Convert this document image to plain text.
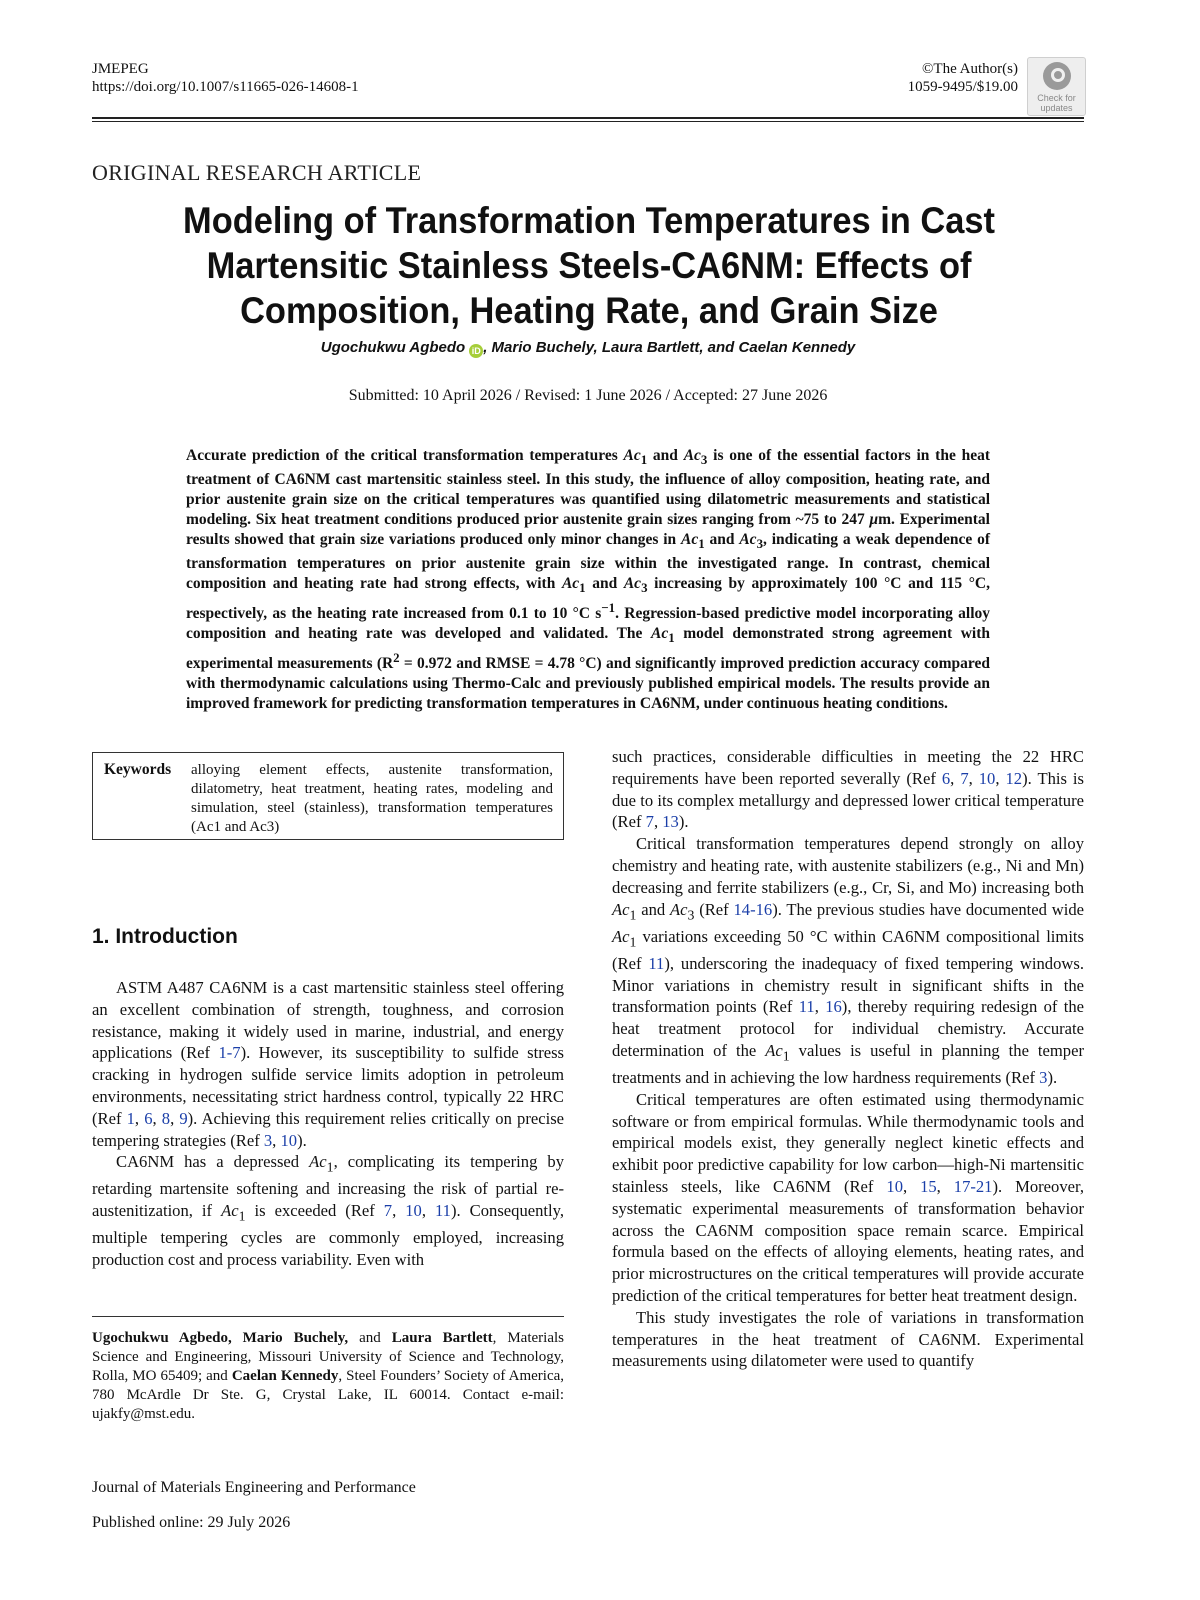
JMEPEG
https://doi.org/10.1007/s11665-026-14608-1
©The Author(s)
1059-9495/$19.00
Check for
updates
ORIGINAL RESEARCH ARTICLE
Modeling of Transformation Temperatures in Cast Martensitic Stainless Steels-CA6NM: Effects of Composition, Heating Rate, and Grain Size
Ugochukwu Agbedo iD , Mario Buchely, Laura Bartlett, and Caelan Kennedy
Submitted: 10 April 2026 / Revised: 1 June 2026 / Accepted: 27 June 2026
Accurate prediction of the critical transformation temperatures $Ac_1$ and $Ac_3$ is one of the essential factors in the heat treatment of CA6NM cast martensitic stainless steel. In this study, the influence of alloy composition, heating rate, and prior austenite grain size on the critical temperatures was quantified using dilatometric measurements and statistical modeling. Six heat treatment conditions produced prior austenite grain sizes ranging from ~75 to 247 μm. Experimental results showed that grain size variations produced only minor changes in $Ac_1$ and $Ac_3$, indicating a weak dependence of transformation temperatures on prior austenite grain size within the investigated range. In contrast, chemical composition and heating rate had strong effects, with $Ac_1$ and $Ac_3$ increasing by approximately 100 °C and 115 °C, respectively, as the heating rate increased from 0.1 to 10 °C $s^{-1}$. Regression-based predictive model incorporating alloy composition and heating rate was developed and validated. The $Ac_1$ model demonstrated strong agreement with experimental measurements ($R^2 = 0.972$ and RMSE = 4.78 °C) and significantly improved prediction accuracy compared with thermodynamic calculations using Thermo-Calc and previously published empirical models. The results provide an improved framework for predicting transformation temperatures in CA6NM, under continuous heating conditions.
Keywords alloying element effects, austenite transformation, dilatometry, heat treatment, heating rates, modeling and simulation, steel (stainless), transformation temperatures (Ac1 and Ac3)
1. Introduction

ASTM A487 CA6NM is a cast martensitic stainless steel offering an excellent combination of strength, toughness, and corrosion resistance, making it widely used in marine, industrial, and energy applications (Ref 1-7). However, its susceptibility to sulfide stress cracking in hydrogen sulfide service limits adoption in petroleum environments, necessitating strict hardness control, typically 22 HRC (Ref 1, 6, 8, 9). Achieving this requirement relies critically on precise tempering strategies (Ref 3, 10).

CA6NM has a depressed $Ac_1$, complicating its tempering by retarding martensite softening and increasing the risk of partial re-austenitization, if $Ac_1$ is exceeded (Ref 7, 10, 11). Consequently, multiple tempering cycles are commonly employed, increasing production cost and process variability. Even with

such practices, considerable difficulties in meeting the 22 HRC requirements have been reported severally (Ref 6, 7, 10, 12). This is due to its complex metallurgy and depressed lower critical temperature (Ref 7, 13).

Critical transformation temperatures depend strongly on alloy chemistry and heating rate, with austenite stabilizers (e.g., Ni and Mn) decreasing and ferrite stabilizers (e.g., Cr, Si, and Mo) increasing both $Ac_1$ and $Ac_3$ (Ref 14-16). The previous studies have documented wide $Ac_1$ variations exceeding 50 °C within CA6NM compositional limits (Ref 11), underscoring the inadequacy of fixed tempering windows. Minor variations in chemistry result in significant shifts in the transformation points (Ref 11, 16), thereby requiring redesign of the heat treatment protocol for individual chemistry. Accurate determination of the $Ac_1$ values is useful in planning the temper treatments and in achieving the low hardness requirements (Ref 3).

Critical temperatures are often estimated using thermodynamic software or from empirical formulas. While thermodynamic tools and empirical models exist, they generally neglect kinetic effects and exhibit poor predictive capability for low carbon—high-Ni martensitic stainless steels, like CA6NM (Ref 10, 15, 17-21). Moreover, systematic experimental measurements of transformation behavior across the CA6NM composition space remain scarce. Empirical formula based on the effects of alloying elements, heating rates, and prior microstructures on the critical temperatures will provide accurate prediction of the critical temperatures for better heat treatment design.

This study investigates the role of variations in transformation temperatures in the heat treatment of CA6NM. Experimental measurements using dilatometer were used to quantify

Ugochukwu Agbedo, Mario Buchely, and Laura Bartlett, Materials Science and Engineering, Missouri University of Science and Technology, Rolla, MO 65409; and Caelan Kennedy, Steel Founders’ Society of America, 780 McArdle Dr Ste. G, Crystal Lake, IL 60014. Contact e-mail: ujakfy@mst.edu.
Journal of Materials Engineering and Performance
Published online: 29 July 2026
